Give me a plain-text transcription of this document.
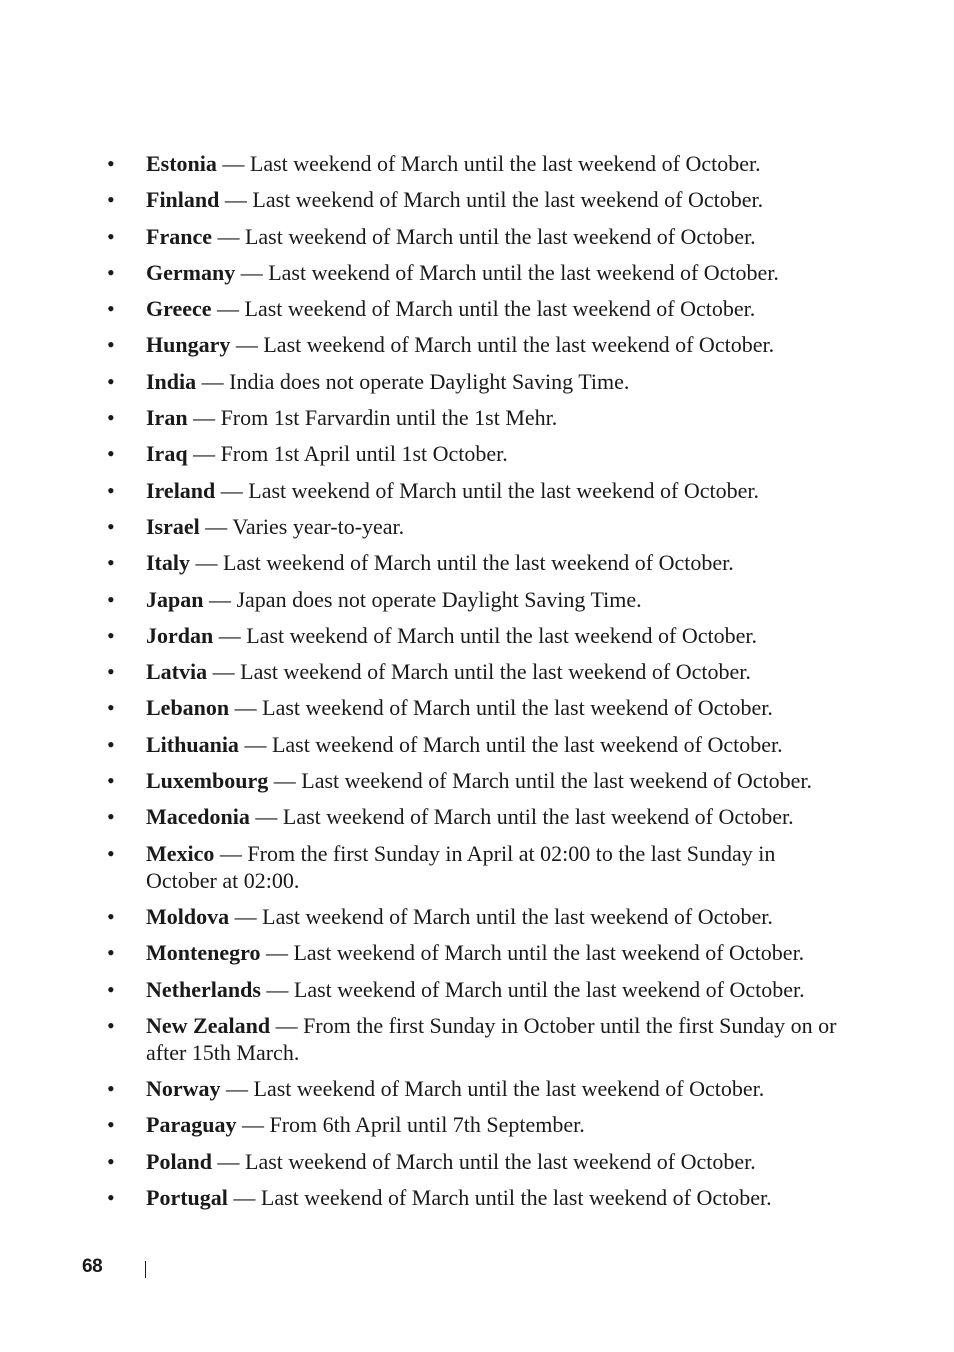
•	Estonia — Last weekend of March until the last weekend of October.
•	Finland — Last weekend of March until the last weekend of October.
•	France — Last weekend of March until the last weekend of October.
•	Germany — Last weekend of March until the last weekend of October.
•	Greece — Last weekend of March until the last weekend of October.
•	Hungary — Last weekend of March until the last weekend of October.
•	India — India does not operate Daylight Saving Time.
•	Iran — From 1st Farvardin until the 1st Mehr.
•	Iraq — From 1st April until 1st October.
•	Ireland — Last weekend of March until the last weekend of October.
•	Israel — Varies year-to-year.
•	Italy — Last weekend of March until the last weekend of October.
•	Japan — Japan does not operate Daylight Saving Time.
•	Jordan — Last weekend of March until the last weekend of October.
•	Latvia — Last weekend of March until the last weekend of October.
•	Lebanon — Last weekend of March until the last weekend of October.
•	Lithuania — Last weekend of March until the last weekend of October.
•	Luxembourg — Last weekend of March until the last weekend of October.
•	Macedonia — Last weekend of March until the last weekend of October.
•	Mexico — From the first Sunday in April at 02:00 to the last Sunday in October at 02:00.
•	Moldova — Last weekend of March until the last weekend of October.
•	Montenegro — Last weekend of March until the last weekend of October.
•	Netherlands — Last weekend of March until the last weekend of October.
•	New Zealand — From the first Sunday in October until the first Sunday on or after 15th March.
•	Norway — Last weekend of March until the last weekend of October.
•	Paraguay — From 6th April until 7th September.
•	Poland — Last weekend of March until the last weekend of October.
•	Portugal — Last weekend of March until the last weekend of October.
68
